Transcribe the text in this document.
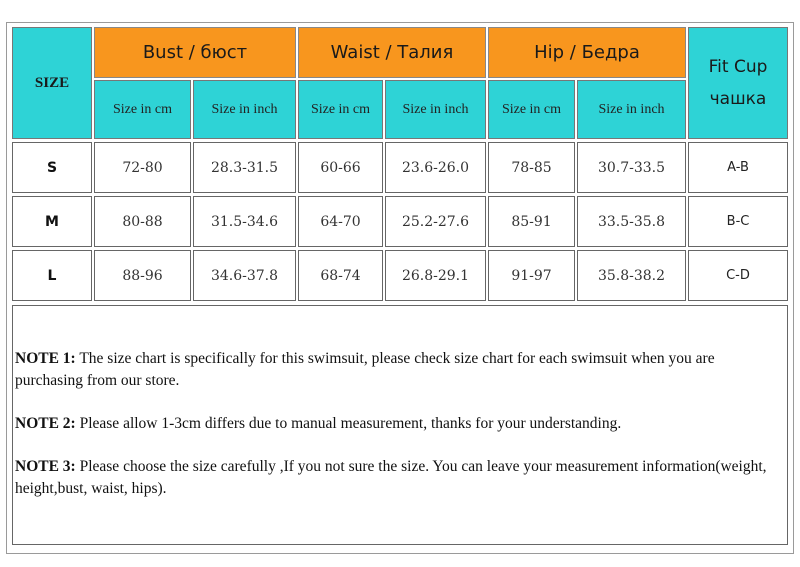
SIZE
Bust / бюст	Waist / Талия	Hip / Бедра
Fit Cup
чашка
Size in cm	Size in inch	Size in cm	Size in inch	Size in cm	Size in inch
S	72-80	28.3-31.5	60-66	23.6-26.0	78-85	30.7-33.5	A-B
M	80-88	31.5-34.6	64-70	25.2-27.6	85-91	33.5-35.8	B-C
L	88-96	34.6-37.8	68-74	26.8-29.1	91-97	35.8-38.2	C-D

NOTE 1: The size chart is specifically for this swimsuit, please check size chart for each swimsuit when you are purchasing from our store.

NOTE 2: Please allow 1-3cm differs due to manual measurement, thanks for your understanding.

NOTE 3: Please choose the size carefully ,If you not sure the size. You can leave your measurement information(weight, height,bust, waist, hips).
